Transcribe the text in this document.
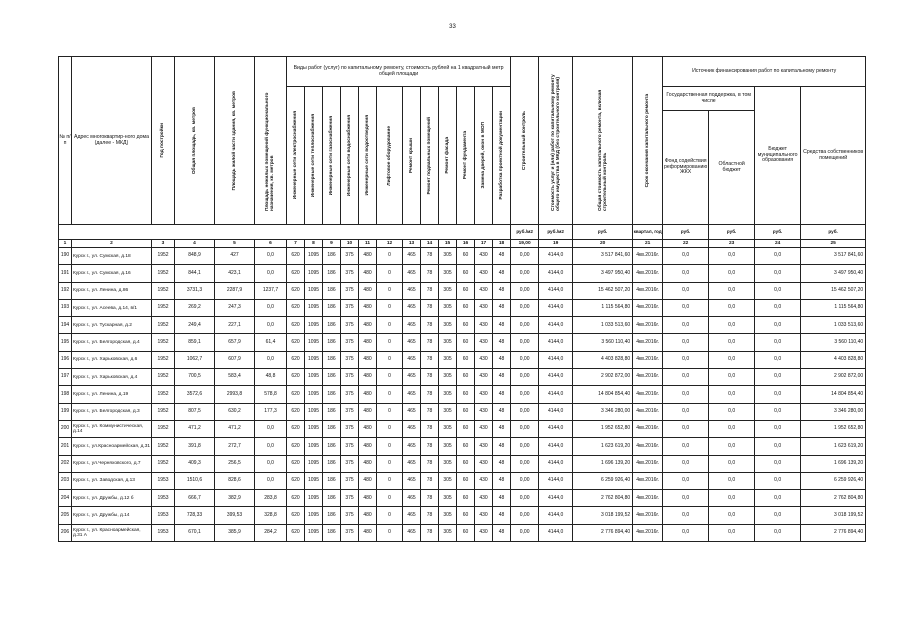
33
№ п/п	Адрес многоквартир-ного дома (далее - МКД)	Год постройки	Общая площадь, кв. метров	Площадь жилой части здания, кв. метров	Площадь нежилых помещений функционального назначения, кв. метров	Виды работ (услуг) по капитальному ремонту, стоимость рублей на 1 квадратный метр общей площади												Строительный контроль	Стоимость услуг и (или) работ по капитальному ремонту общего имущества в МКД (без строительного контроля)	Общая стоимость капитального ремонта, включая строительный контроль	Срок окончания капитального ремонта	Источник финансирования работ по капитальному ремонту			

						Инженерные сети электроснабжения	Инженерные сети теплоснабжения	Инженерные сети газоснабжения	Инженерные сети водоснабжения	Инженерные сети водоотведения	Лифтовое оборудование	Ремонт крыши	Ремонт подвальных помещений	Ремонт фасада	Ремонт фундамента	Замена дверей, окон в МОП	Разработка проектной документации					Государственная поддержка, в том числе		Бюджет муниципального образования	Средства собственников помещений
																						Фонд содействия реформированию ЖКХ	Областной бюджет		
																		руб./м2	руб./м2	руб.	квартал, год	руб.	руб.	руб.	руб.
1	2	3	4	5	6	7	8	9	10	11	12	13	14	15	16	17	18	19,00	19	20	21	22	23	24	25
190	Курск г., ул. Сумская, д.18	1952	848,9	427	0,0	620	1095	186	375	480	0	465	78	305	60	430	48	0,00	4144,0	3 517 841,60	4кв.2016г.	0,0	0,0	0,0	3 517 841,60
191	Курск г., ул. Сумская, д.16	1952	844,1	423,1	0,0	620	1095	186	375	480	0	465	78	305	60	430	48	0,00	4144,0	3 497 950,40	4кв.2016г.	0,0	0,0	0,0	3 497 950,40
192	Курск г., ул. Ленина, д.86	1952	3731,3	2287,9	1237,7	620	1095	186	375	480	0	465	78	305	60	430	48	0,00	4144,0	15 462 507,20	4кв.2016г.	0,0	0,0	0,0	15 462 507,20
193	Курск г., ул. Асеева, д.14, в/1	1952	269,2	247,3	0,0	620	1095	186	375	480	0	465	78	305	60	430	48	0,00	4144,0	1 115 564,80	4кв.2016г.	0,0	0,0	0,0	1 115 564,80
194	Курск г., ул. Тускарная, д.2	1952	249,4	227,1	0,0	620	1095	186	375	480	0	465	78	305	60	430	48	0,00	4144,0	1 033 513,60	4кв.2016г.	0,0	0,0	0,0	1 033 513,60
195	Курск г., ул. Белгородская, д.4	1952	859,1	657,9	61,4	620	1095	186	375	480	0	465	78	305	60	430	48	0,00	4144,0	3 560 110,40	4кв.2016г.	0,0	0,0	0,0	3 560 110,40
196	Курск г., ул. Харьковская, д.6	1952	1062,7	607,9	0,0	620	1095	186	375	480	0	465	78	305	60	430	48	0,00	4144,0	4 403 828,80	4кв.2016г.	0,0	0,0	0,0	4 403 828,80
197	Курск г., ул. Харьковская, д.4	1952	700,5	583,4	48,8	620	1095	186	375	480	0	465	78	305	60	430	48	0,00	4144,0	2 902 872,00	4кв.2016г.	0,0	0,0	0,0	2 902 872,00
198	Курск г., ул. Ленина, д.19	1952	3572,6	2993,8	578,8	620	1095	186	375	480	0	465	78	305	60	430	48	0,00	4144,0	14 804 854,40	4кв.2016г.	0,0	0,0	0,0	14 804 854,40
199	Курск г., ул. Белгородская, д.3	1952	807,5	630,2	177,3	620	1095	186	375	480	0	465	78	305	60	430	48	0,00	4144,0	3 346 280,00	4кв.2016г.	0,0	0,0	0,0	3 346 280,00
200	Курск г., ул. Коммунистическая, д.14	1952	471,2	471,2	0,0	620	1095	186	375	480	0	465	78	305	60	430	48	0,00	4144,0	1 952 652,80	4кв.2016г.	0,0	0,0	0,0	1 952 652,80
201	Курск г., ул.Красноармейская, д.31	1952	391,8	272,7	0,0	620	1095	186	375	480	0	465	78	305	60	430	48	0,00	4144,0	1 623 619,20	4кв.2016г.	0,0	0,0	0,0	1 623 619,20
202	Курск г., ул.Черняховского, д.7	1952	409,3	256,5	0,0	620	1095	186	375	480	0	465	78	305	60	430	48	0,00	4144,0	1 696 139,20	4кв.2016г.	0,0	0,0	0,0	1 696 139,20
203	Курск г., ул. Заводская, д.13	1953	1510,6	828,6	0,0	620	1095	186	375	480	0	465	78	305	60	430	48	0,00	4144,0	6 259 926,40	4кв.2016г.	0,0	0,0	0,0	6 259 926,40
204	Курск г., ул. Дружбы, д.12 б	1953	666,7	382,9	283,8	620	1095	186	375	480	0	465	78	305	60	430	48	0,00	4144,0	2 762 804,80	4кв.2016г.	0,0	0,0	0,0	2 762 804,80
205	Курск г., ул. Дружбы, д.14	1953	728,33	399,53	328,8	620	1095	186	375	480	0	465	78	305	60	430	48	0,00	4144,0	3 018 199,52	4кв.2016г.	0,0	0,0	0,0	3 018 199,52
206	Курск г., ул. Красноармейская, д.31 А	1953	670,1	385,9	284,2	620	1095	186	375	480	0	465	78	305	60	430	48	0,00	4144,0	2 776 894,40	4кв.2016г.	0,0	0,0	0,0	2 776 894,40
